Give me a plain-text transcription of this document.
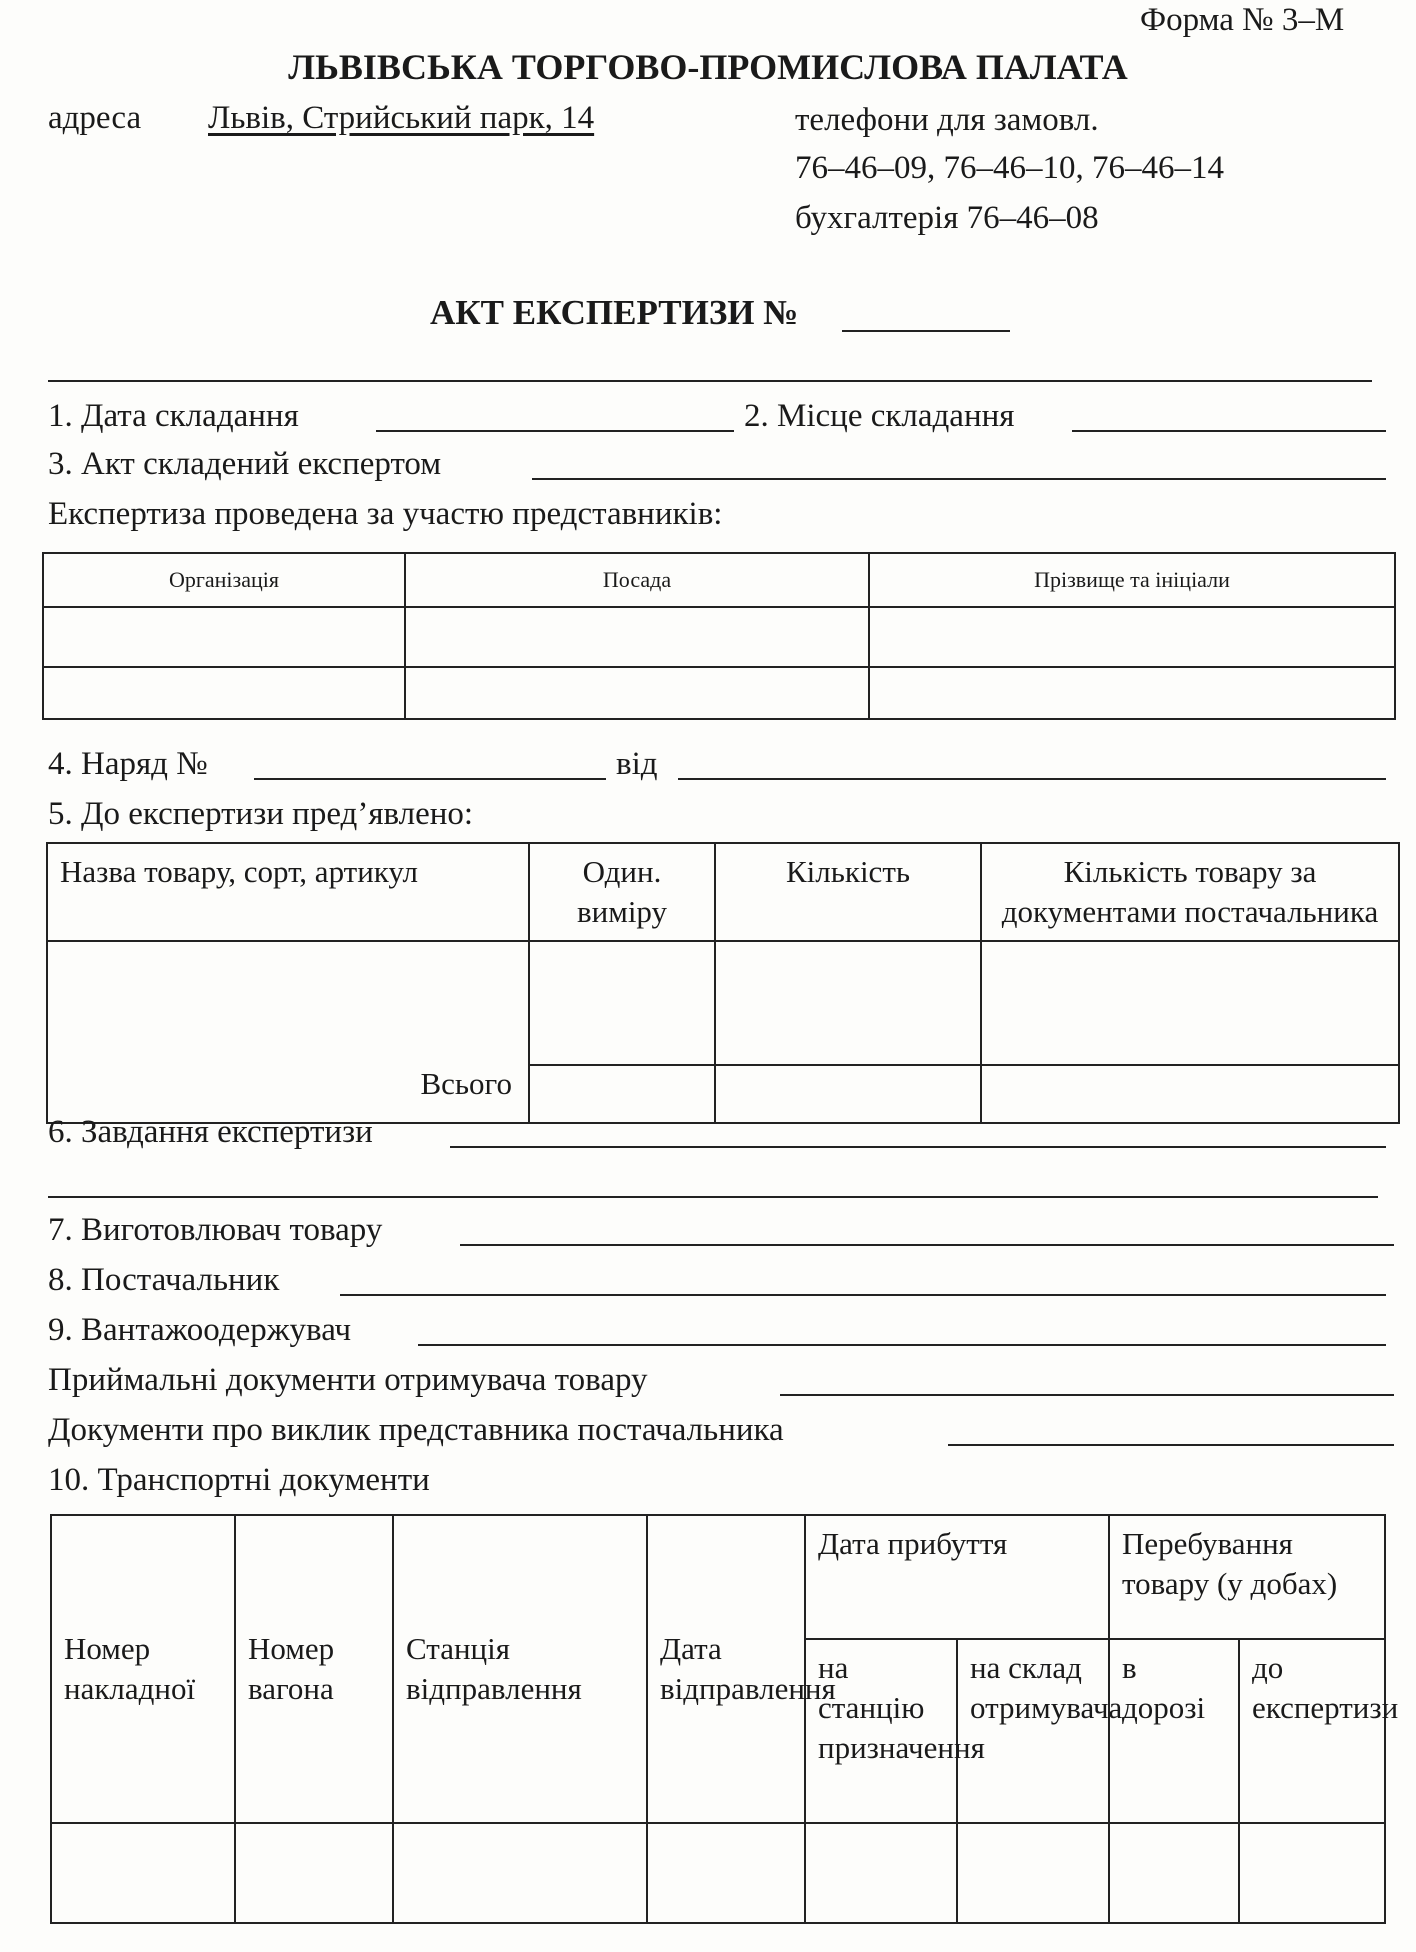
Форма № 3–М
ЛЬВІВСЬКА ТОРГОВО-ПРОМИСЛОВА ПАЛАТА
адреса Львів, Стрийський парк, 14	телефони для замовл.
76–46–09, 76–46–10, 76–46–14
бухгалтерія 76–46–08
АКТ ЕКСПЕРТИЗИ №
1. Дата складання	2. Місце складання
3. Акт складений експертом
Експертиза проведена за участю представників:
Організація	Посада	Прізвище та ініціали

4. Наряд №	від
5. До експертизи пред’явлено:
Назва товару, сорт, артикул	Один. виміру	Кількість	Кількість товару за документами постачальника
Всього			

6. Завдання експертизи
7. Виготовлювач товару
8. Постачальник
9. Вантажоодержувач
Приймальні документи отримувача товару
Документи про виклик представника постачальника
10. Транспортні документи
Номер накладної	Номер вагона	Станція відправлення	Дата відправлення	Дата прибуття		Перебування товару (у добах)	
				на станцію призначення	на склад отримувача	в дорозі	до експертизи
